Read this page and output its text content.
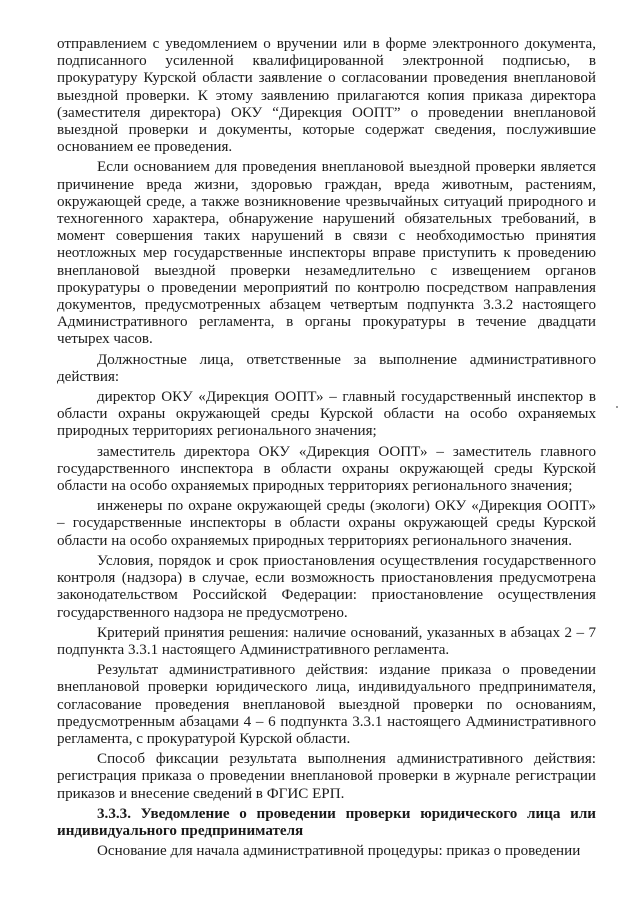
отправлением с уведомлением о вручении или в форме электронного документа, подписанного усиленной квалифицированной электронной подписью, в прокуратуру Курской области заявление о согласовании проведения внеплановой выездной проверки. К этому заявлению прилагаются копия приказа директора (заместителя директора) ОКУ “Дирекция ООПТ” о проведении внеплановой выездной проверки и документы, которые содержат сведения, послужившие основанием ее проведения.

Если основанием для проведения внеплановой выездной проверки является причинение вреда жизни, здоровью граждан, вреда животным, растениям, окружающей среде, а также возникновение чрезвычайных ситуаций природного и техногенного характера, обнаружение нарушений обязательных требований, в момент совершения таких нарушений в связи с необходимостью принятия неотложных мер государственные инспекторы вправе приступить к проведению внеплановой выездной проверки незамедлительно с извещением органов прокуратуры о проведении мероприятий по контролю посредством направления документов, предусмотренных абзацем четвертым подпункта 3.3.2 настоящего Административного регламента, в органы прокуратуры в течение двадцати четырех часов.

Должностные лица, ответственные за выполнение административного действия:

директор ОКУ «Дирекция ООПТ» – главный государственный инспектор в области охраны окружающей среды Курской области на особо охраняемых природных территориях регионального значения;

заместитель директора ОКУ «Дирекция ООПТ» – заместитель главного государственного инспектора в области охраны окружающей среды Курской области на особо охраняемых природных территориях регионального значения;

инженеры по охране окружающей среды (экологи) ОКУ «Дирекция ООПТ» – государственные инспекторы в области охраны окружающей среды Курской области на особо охраняемых природных территориях регионального значения.

Условия, порядок и срок приостановления осуществления государственного контроля (надзора) в случае, если возможность приостановления предусмотрена законодательством Российской Федерации: приостановление осуществления государственного надзора не предусмотрено.

Критерий принятия решения: наличие оснований, указанных в абзацах 2 – 7 подпункта 3.3.1 настоящего Административного регламента.

Результат административного действия: издание приказа о проведении внеплановой проверки юридического лица, индивидуального предпринимателя, согласование проведения внеплановой выездной проверки по основаниям, предусмотренным абзацами 4 – 6 подпункта 3.3.1 настоящего Административного регламента, с прокуратурой Курской области.

Способ фиксации результата выполнения административного действия: регистрация приказа о проведении внеплановой проверки в журнале регистрации приказов и внесение сведений в ФГИС ЕРП.

3.3.3. Уведомление о проведении проверки юридического лица или индивидуального предпринимателя

Основание для начала административной процедуры: приказ о проведении
